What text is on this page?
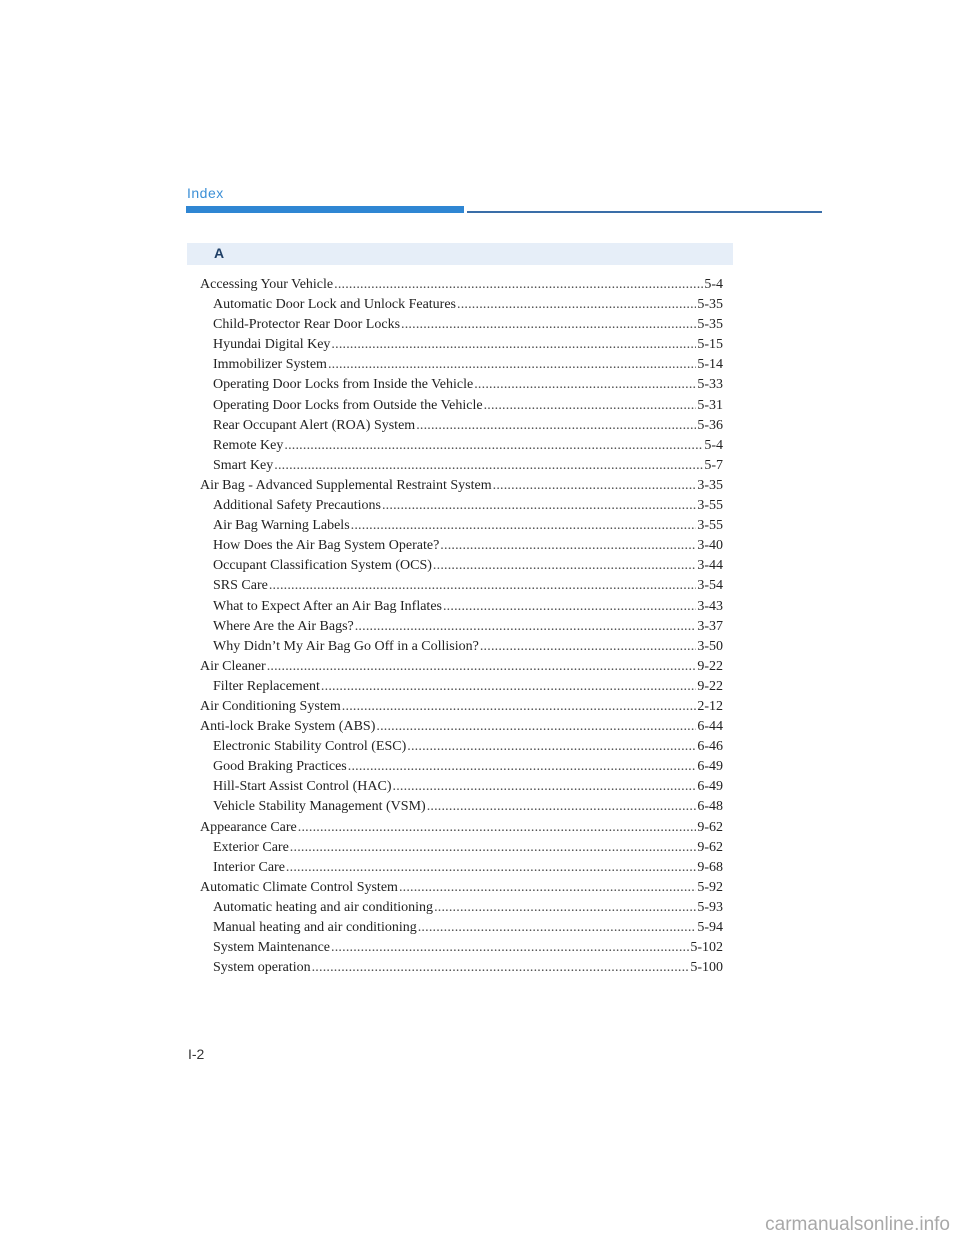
Index
A
Accessing Your Vehicle .....	5-4
Automatic Door Lock and Unlock Features .....	5-35
Child-Protector Rear Door Locks .....	5-35
Hyundai Digital Key .....	5-15
Immobilizer System .....	5-14
Operating Door Locks from Inside the Vehicle .....	5-33
Operating Door Locks from Outside the Vehicle .....	5-31
Rear Occupant Alert (ROA) System .....	5-36
Remote Key .....	5-4
Smart Key .....	5-7
Air Bag - Advanced Supplemental Restraint System .....	3-35
Additional Safety Precautions .....	3-55
Air Bag Warning Labels .....	3-55
How Does the Air Bag System Operate? .....	3-40
Occupant Classification System (OCS) .....	3-44
SRS Care .....	3-54
What to Expect After an Air Bag Inflates .....	3-43
Where Are the Air Bags? .....	3-37
Why Didn’t My Air Bag Go Off in a Collision? .....	3-50
Air Cleaner .....	9-22
Filter Replacement .....	9-22
Air Conditioning System .....	2-12
Anti-lock Brake System (ABS) .....	6-44
Electronic Stability Control (ESC) .....	6-46
Good Braking Practices .....	6-49
Hill-Start Assist Control (HAC) .....	6-49
Vehicle Stability Management (VSM) .....	6-48
Appearance Care .....	9-62
Exterior Care .....	9-62
Interior Care .....	9-68
Automatic Climate Control System .....	5-92
Automatic heating and air conditioning .....	5-93
Manual heating and air conditioning .....	5-94
System Maintenance .....	5-102
System operation .....	5-100
I-2
carmanualsonline.info
